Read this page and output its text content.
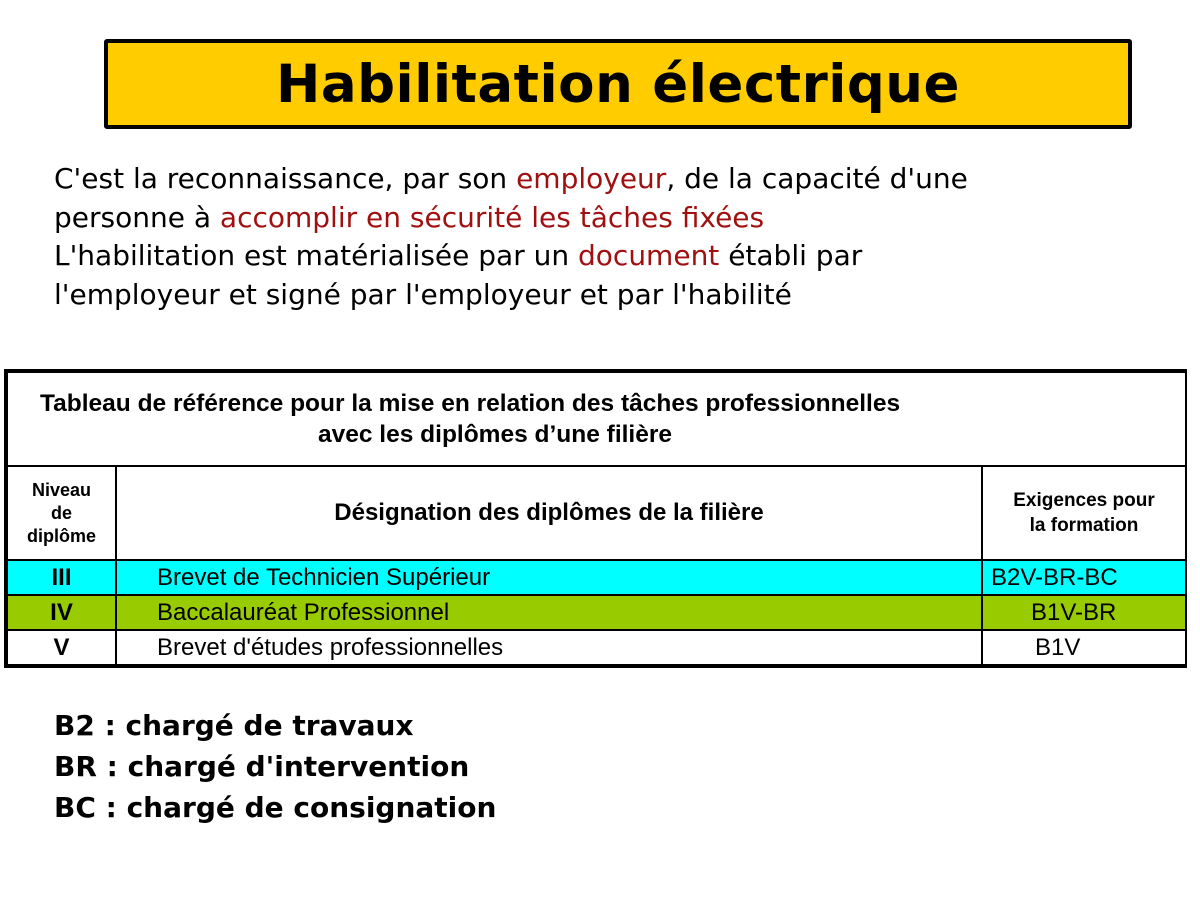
Habilitation électrique

C'est la reconnaissance, par son employeur, de la capacité d'une

personne à accomplir en sécurité les tâches fixées

L'habilitation est matérialisée par un document établi par

l'employeur et signé par l'employeur et par l'habilité

Tableau de référence pour la mise en relation des tâches professionnelles
avec les diplômes d’une filière		

Niveau
de
diplôme	Désignation des diplômes de la filière	Exigences pour
la formation
III	Brevet de Technicien Supérieur	B2V-BR-BC
IV	Baccalauréat Professionnel	B1V-BR
V	Brevet d'études professionnelles	B1V

B2 : chargé de travaux

BR : chargé d'intervention

BC : chargé de consignation
